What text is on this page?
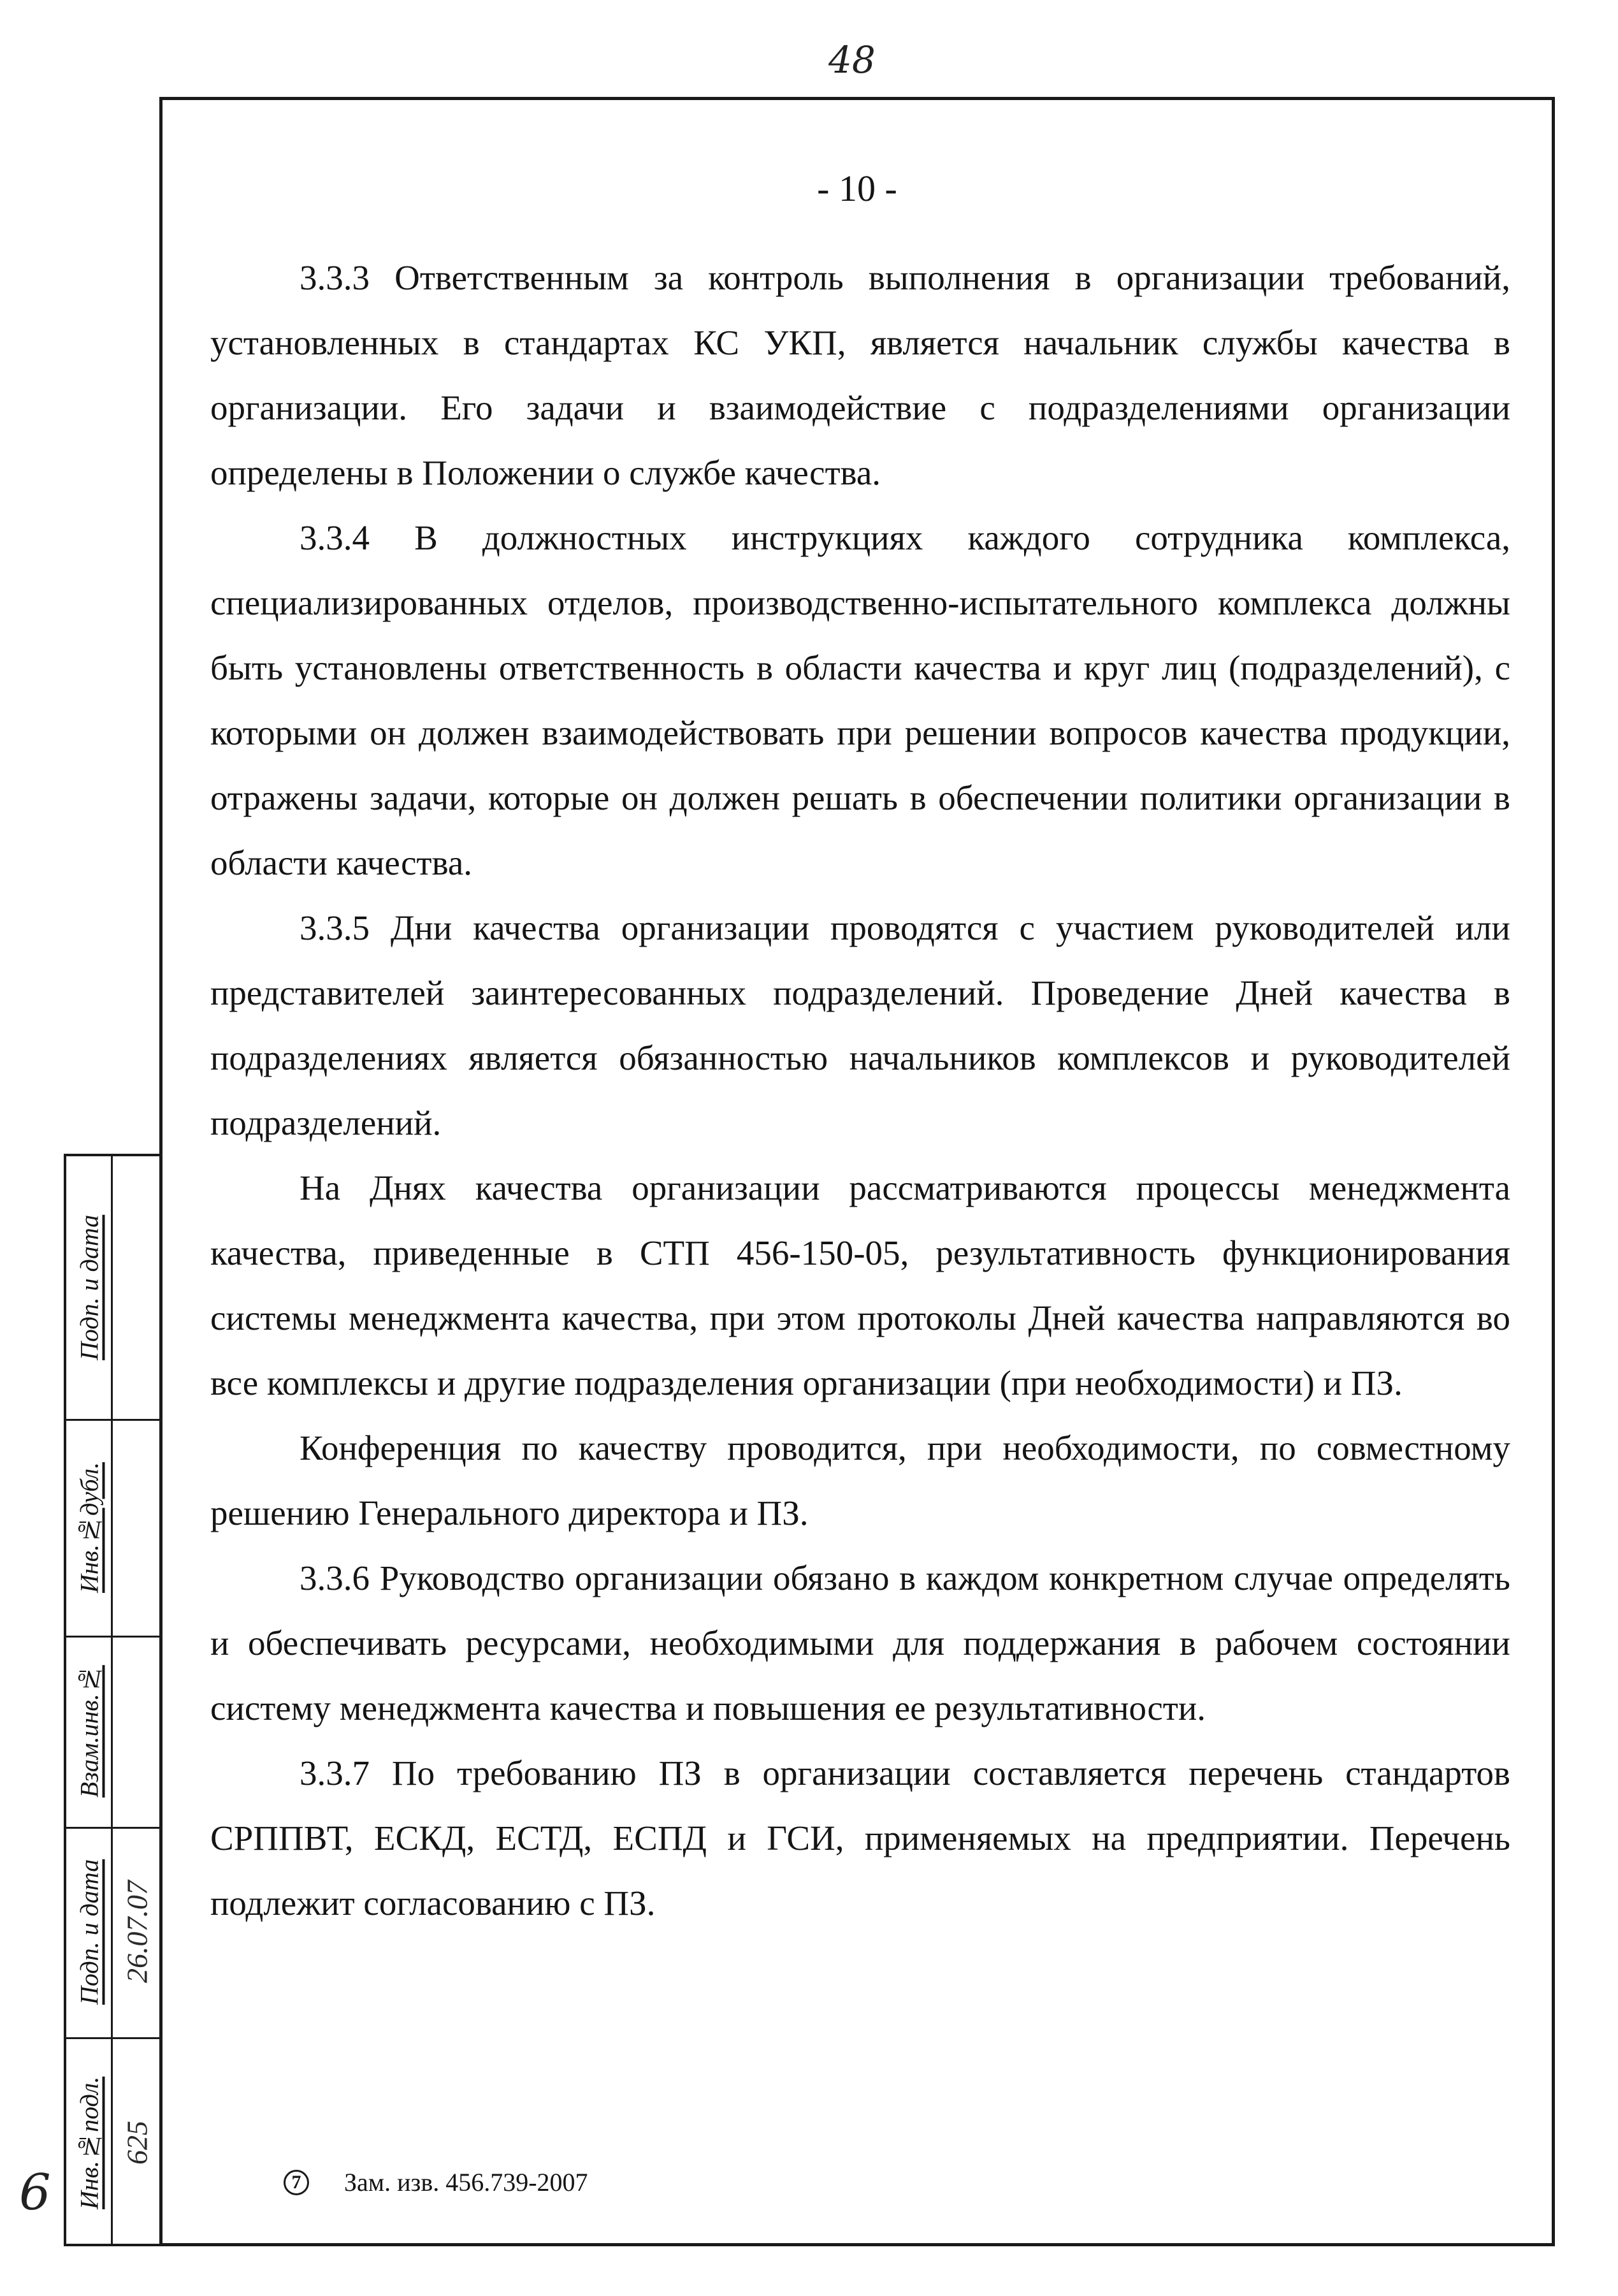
48
6
- 10 -

3.3.3 Ответственным за контроль выполнения в организации требований, установленных в стандартах КС УКП, является начальник службы качества в организации. Его задачи и взаимодействие с подразделениями организации определены в Положении о службе качества.

3.3.4 В должностных инструкциях каждого сотрудника комплекса, специализированных отделов, производственно-испытательного комплекса должны быть установлены ответственность в области качества и круг лиц (подразделений), с которыми он должен взаимодействовать при решении вопросов качества продукции, отражены задачи, которые он должен решать в обеспечении политики организации в области качества.

3.3.5 Дни качества организации проводятся с участием руководителей или представителей заинтересованных подразделений. Проведение Дней качества в подразделениях является обязанностью начальников комплексов и руководителей подразделений.

На Днях качества организации рассматриваются процессы менеджмента качества, приведенные в СТП 456-150-05, результативность функционирования системы менеджмента качества, при этом протоколы Дней качества направляются во все комплексы и другие подразделения организации (при необходимости) и ПЗ.

Конференция по качеству проводится, при необходимости, по совместному решению Генерального директора и ПЗ.

3.3.6 Руководство организации обязано в каждом конкретном случае определять и обеспечивать ресурсами, необходимыми для поддержания в рабочем состоянии систему менеджмента качества и повышения ее результативности.

3.3.7 По требованию ПЗ в организации составляется перечень стандартов СРППВТ, ЕСКД, ЕСТД, ЕСПД и ГСИ, применяемых на предприятии. Перечень подлежит согласованию с ПЗ.

7	Зам. изв. 456.739-2007
Подп. и дата
Инв.№дубл.
Взам.инв.№
Подп. и дата
Инв.№подл.
26.07.07
625
